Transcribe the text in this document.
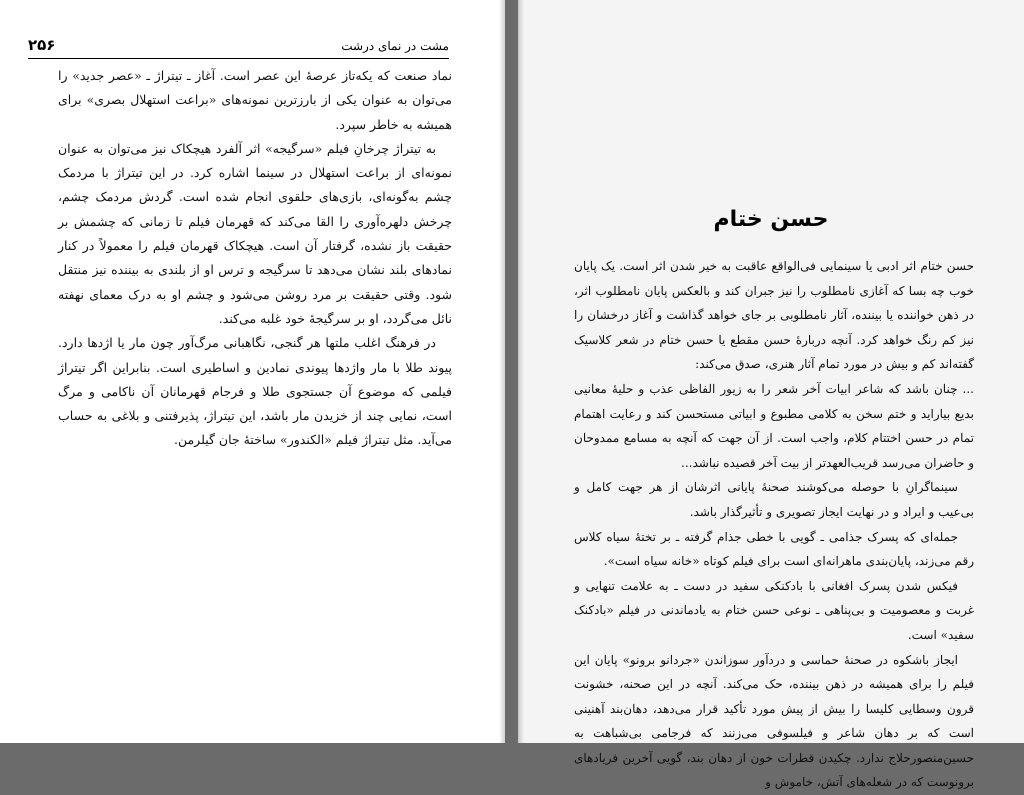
۲۵۶	مشت در نمای درشت

نماد صنعت که یکه‌تاز عرصهٔ این عصر است. آغاز ـ تیتراژ ـ «عصر جدید» را می‌توان به عنوان یکی از بارزترین نمونه‌های «براعت استهلال بصری» برای همیشه به خاطر سپرد.

به تیتراژ چرخانِ فیلم «سرگیجه» اثر آلفرد هیچکاک نیز می‌توان به عنوان نمونه‌ای از براعت استهلال در سینما اشاره کرد. در این تیتراژ با مردمک چشم به‌گونه‌ای، بازی‌های حلقوی انجام شده است. گردش مردمک چشم، چرخش دلهره‌آوری را القا می‌کند که قهرمان فیلم تا زمانی که چشمش بر حقیقت باز نشده، گرفتار آن است. هیچکاک قهرمان فیلم را معمولاً در کنار نمادهای بلند نشان می‌دهد تا سرگیجه و ترس او از بلندی به بیننده نیز منتقل شود. وقتی حقیقت بر مرد روشن می‌شود و چشم او به درک معمای نهفته نائل می‌گردد، او بر سرگیجهٔ خود غلبه می‌کند.

در فرهنگ اغلب ملتها هر گنجی، نگاهبانی مرگ‌آور چون مار یا اژدها دارد. پیوند طلا با مار واژدها پیوندی نمادین و اساطیری است. بنابراین اگر تیتراژ فیلمی که موضوع آن جستجوی طلا و فرجام قهرمانان آن ناکامی و مرگ است، نمایی چند از خزیدن مار باشد، این تیتراژ، پذیرفتنی و بلاغی به حساب می‌آید. مثل تیتراژ فیلم «الکندور» ساختهٔ جان گیلرمن.

حسن ختام

حسن ختام اثر ادبی یا سینمایی فی‌الواقع عاقبت به خیر شدن اثر است. یک پایان خوب چه بسا که آغازی نامطلوب را نیز جبران کند و بالعکس پایان نامطلوب اثر، در ذهن خواننده یا بیننده، آثار نامطلوبی بر جای خواهد گذاشت و آغاز درخشان را نیز کم رنگ خواهد کرد. آنچه دربارهٔ حسن مقطع یا حسن ختام در شعر کلاسیک گفته‌اند کم و بیش در مورد تمام آثار هنری، صدق می‌کند:

... چنان باشد که شاعر ابیات آخر شعر را به زیور الفاظی عذب و حلیهٔ معانیی بدیع بیاراید و ختم سخن به کلامی مطبوع و ابیاتی مستحسن کند و رعایت اهتمام تمام در حسن اختتام کلام، واجب است. از آن جهت که آنچه به مسامع ممدوحان و حاضران می‌رسد قریب‌العهدتر از بیت آخر قصیده نباشد...

سینماگرانِ با حوصله می‌کوشند صحنهٔ پایانی اثرشان از هر جهت کامل و بی‌عیب و ایراد و در نهایت ایجاز تصویری و تأثیرگذار باشد.

جمله‌ای که پسرک جذامی ـ گویی با خطی جذام گرفته ـ بر تختهٔ سیاه کلاس رقم می‌زند، پایان‌بندی ماهرانه‌ای است برای فیلم کوتاه «خانه سیاه است».

فیکس شدن پسرک افغانی با بادکنکی سفید در دست ـ به علامت تنهایی و غربت و معصومیت و بی‌پناهی ـ نوعی حسن ختام به یادماندنی در فیلم «بادکنک سفید» است.

ایجاز باشکوه در صحنهٔ حماسی و دردآور سوزاندن «جردانو برونو» پایان این فیلم را برای همیشه در ذهن بیننده، حک می‌کند. آنچه در این صحنه، خشونت قرون وسطایی کلیسا را بیش از پیش مورد تأکید قرار می‌دهد، دهان‌بند آهنینی است که بر دهان شاعر و فیلسوفی می‌زنند که فرجامی بی‌شباهت به حسین‌منصورحلاج ندارد. چکیدن قطرات خون از دهان بند، گویی آخرین فریادهای برونوست که در شعله‌های آتش، خاموش و
